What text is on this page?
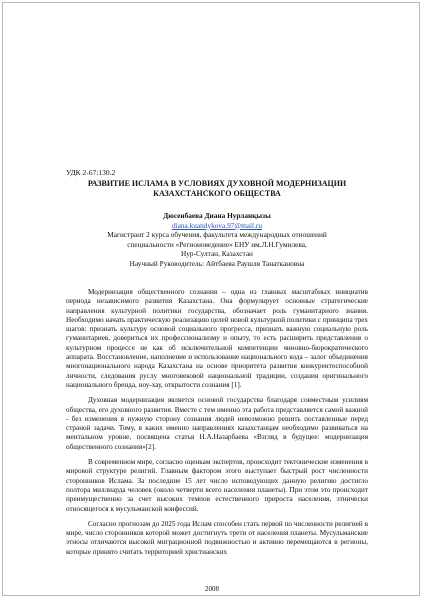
УДК 2-67:130.2
РАЗВИТИЕ ИСЛАМА В УСЛОВИЯХ ДУХОВНОЙ МОДЕРНИЗАЦИИ
КАЗАХСТАНСКОГО ОБЩЕСТВА
Дюсенбаева Диана Нурланқызы
diana.kuandykova.97@mail.ru
Магистрант 2 курса обучения, факультета международных отношений
специальности «Регионоведение» ЕНУ им.Л.Н.Гумилева,
Нур-Султан, Казахстан
Научный Руководитель: Айтбаева Раушля Танаткановна

Модернизация общественного сознания – одна из главных масштабных инициатив периода независимого развития Казахстана. Она формулирует основные стратегические направления культурной политики государства, обозначает роль гуманитарного знания. Необходимо начать практическую реализацию целей новой культурной политики с принципа трех шагов: признать культуру основой социального прогресса, признать важную социальную роль гуманитариев, довериться их профессионализму и опыту, то есть расширить представления о культурном процессе не как об исключительной компетенции чиновно-бюрократического аппарата. Восстановление, наполнение и использование национального кода – залог объединения многонационального народа Казахстана на основе приоритета развития конкурентоспособной личности, следования руслу многовековой национальной традиции, создания оригинального национального бренда, ноу-хау, открытости сознания [1].

Духовная модернизация является основой государства благодаря совместным усилиям общества, его духовного развития. Вместе с тем именно эта работа представляется самой важной - без изменения в нужную сторону сознания людей невозможно решить поставленные перед страной задачи. Тому, в каких именно направлениях казахстанцам необходимо развиваться на ментальном уровне, посвящена статья Н.А.Назарбаева «Взгляд в будущее: модернизация общественного сознания»[2].

В современном мире, согласно оценкам экспертов, происходит тектонические изменения в мировой структуре религий. Главным фактором этого выступает быстрый рост численности сторонников Ислама. За последние 15 лет число исповедующих данную религию достигло полтора миллиарда человек (около четверти всего населения планеты). При этом это происходит преимущественно за счет высоких темпов естественного прироста населения, этнически относящегося к мусульманской конфессий.

Согласно прогнозам до 2025 года Ислам способен стать первой по численности религией в мире, число сторонников которой может достигнуть трети от населения планеты. Мусульманские этносы отличаются высокой миграционной подвижностью и активно перемещаются в регионы, которые принято считать территорией христианских

2008
